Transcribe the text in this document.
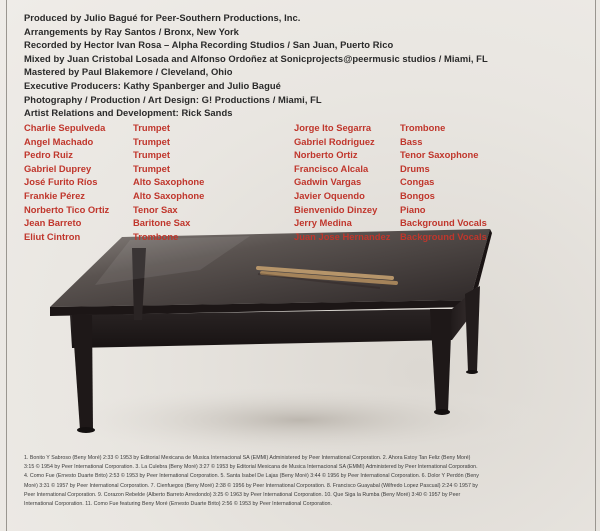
Produced by Julio Bagué for Peer-Southern Productions, Inc.
Arrangements by Ray Santos / Bronx, New York
Recorded by Hector Ivan Rosa – Alpha Recording Studios / San Juan, Puerto Rico
Mixed by Juan Cristobal Losada and Alfonso Ordoñez at Sonicprojects@peermusic studios / Miami, FL
Mastered by Paul Blakemore / Cleveland, Ohio
Executive Producers: Kathy Spanberger and Julio Bagué
Photography / Production / Art Design: G! Productions / Miami, FL
Artist Relations and Development: Rick Sands
Charlie Sepulveda	Trumpet
Angel Machado	Trumpet
Pedro Ruiz	Trumpet
Gabriel Duprey	Trumpet
José Furito Ríos	Alto Saxophone
Frankie Pérez	Alto Saxophone
Norberto Tico Ortiz	Tenor Sax
Jean Barreto	Baritone Sax
Eliut Cintron	Trombone
Jorge Ito Segarra	Trombone
Gabriel Rodriguez	Bass
Norberto Ortiz	Tenor Saxophone
Francisco Alcala	Drums
Gadwin Vargas	Congas
Javier Oquendo	Bongos
Bienvenido Dinzey	Piano
Jerry Medina	Background Vocals
Juan Jose Hernandez	Background Vocals
1. Bonito Y Sabroso (Beny Moré) 2:33 © 1953 by Editorial Mexicana de Musica Internacional SA (EMMI) Administered by Peer International Corporation. 2. Ahora Estoy Tan Feliz (Beny Moré)
3:15 © 1954 by Peer International Corporation. 3. La Culebra (Beny Moré) 3:27 © 1953 by Editorial Mexicana de Musica Internacional SA (EMMI) Administered by Peer International Corporation.
4. Como Fue (Ernesto Duarte Brito) 2:53 © 1953 by Peer International Corporation. 5. Santa Isabel De Lajas (Beny Moré) 3:44 © 1956 by Peer International Corporation. 6. Dolor Y Perdón (Beny
Moré) 3:31 © 1957 by Peer International Corporation. 7. Cienfuegos (Beny Moré) 2:38 © 1956 by Peer International Corporation. 8. Francisco Guayabal (Wilfredo Lopez Pascual) 2:24 © 1957 by
Peer International Corporation. 9. Corazon Rebelde (Alberto Barreto Arredondo) 3:25 © 1963 by Peer International Corporation. 10. Que Siga la Rumba (Beny Moré) 3:40 © 1957 by Peer
International Corporation. 11. Como Fue featuring Beny Moré (Ernesto Duarte Brito) 2:56 © 1953 by Peer International Corporation.
